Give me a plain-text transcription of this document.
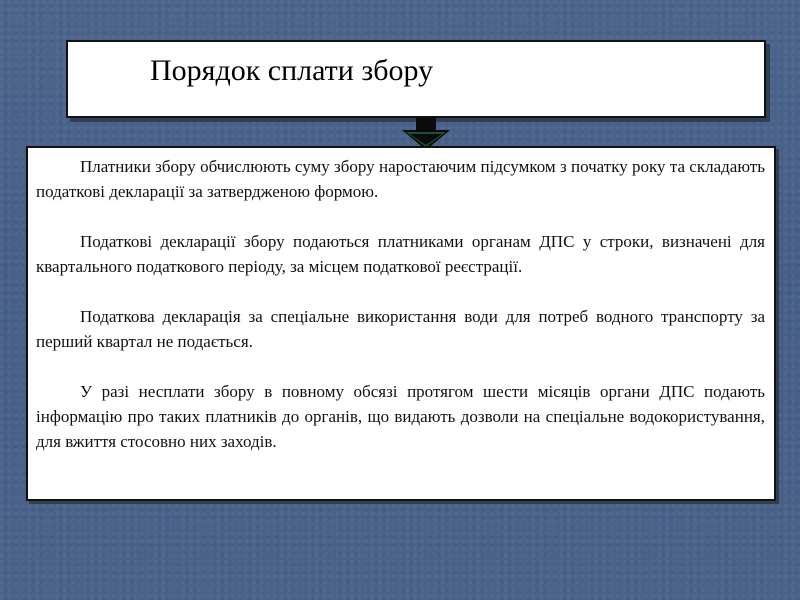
Порядок сплати збору

Платники збору обчислюють суму збору наростаючим підсумком з початку року та складають податкові декларації за затвердженою формою.

Податкові декларації збору подаються платниками органам ДПС у строки, визначені для квартального податкового періоду, за місцем податкової реєстрації.

Податкова декларація за спеціальне використання води для потреб водного транспорту за перший квартал не подається.

У разі несплати збору в повному обсязі протягом шести місяців органи ДПС подають інформацію про таких платників до органів, що видають дозволи на спеціальне водокористування, для вжиття стосовно них заходів.
